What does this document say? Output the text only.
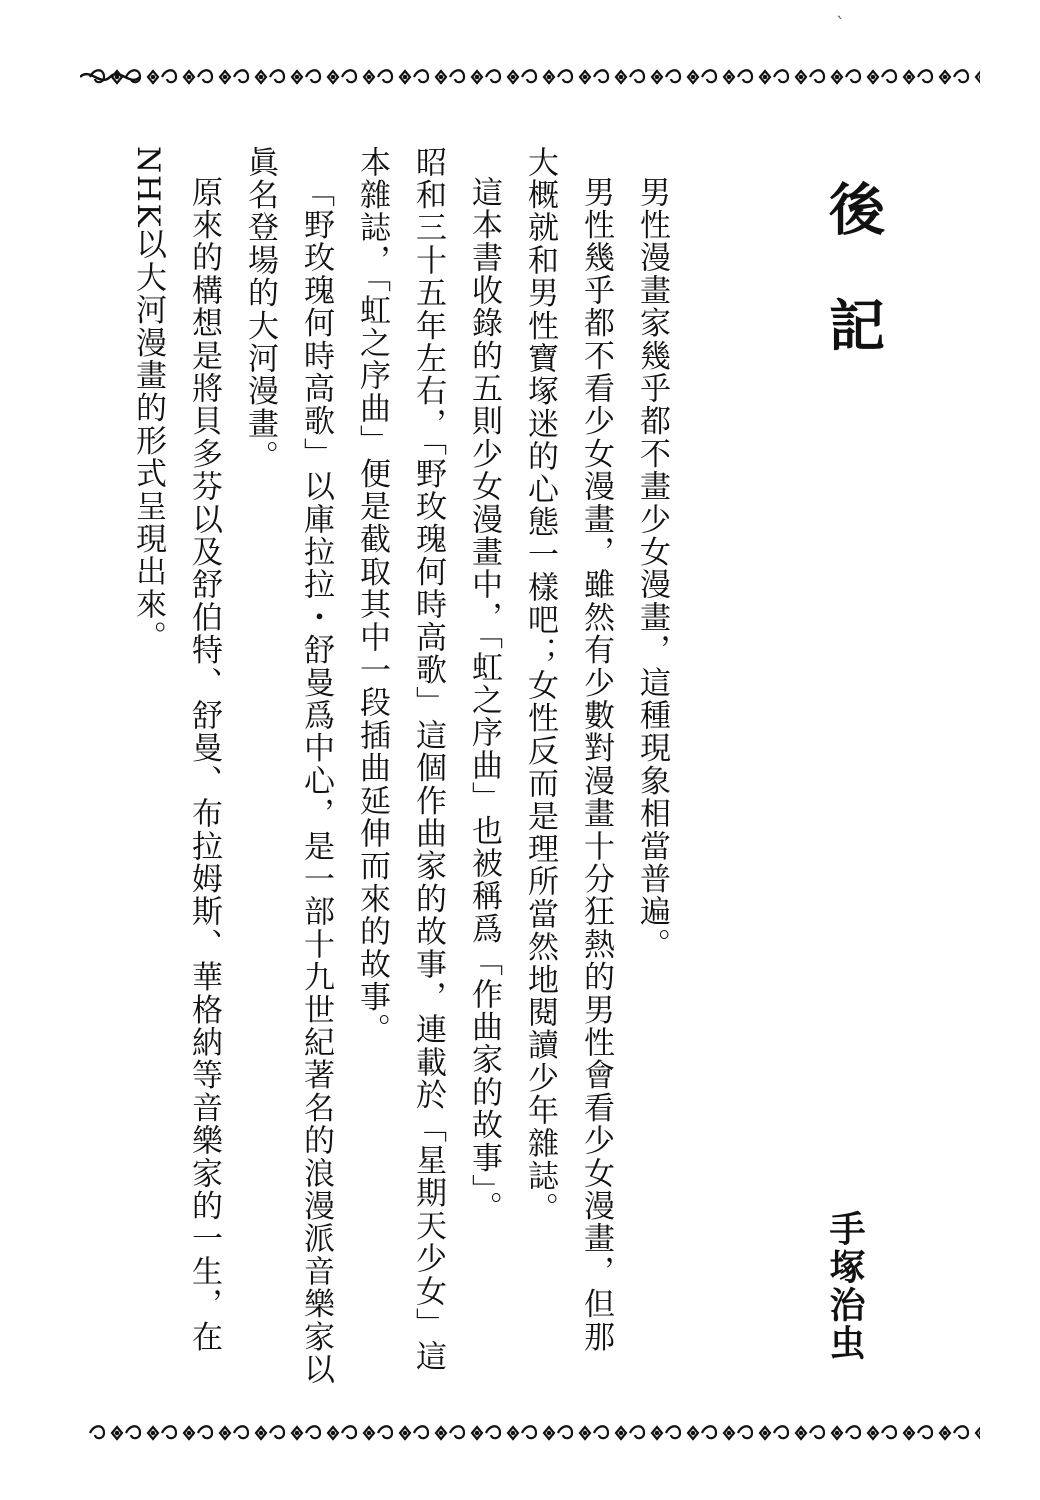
`
後記

男性漫畫家幾乎都不畫少女漫畫，這種現象相當普遍。

男性幾乎都不看少女漫畫，雖然有少數對漫畫十分狂熱的男性會看少女漫畫，但那

大概就和男性寶塚迷的心態一樣吧；女性反而是理所當然地閱讀少年雜誌。

這本書收錄的五則少女漫畫中，「虹之序曲」也被稱爲「作曲家的故事」。

昭和三十五年左右，「野玫瑰何時高歌」這個作曲家的故事，連載於「星期天少女」這

本雜誌，「虹之序曲」便是截取其中一段插曲延伸而來的故事。

「野玫瑰何時高歌」以庫拉拉・舒曼爲中心，是一部十九世紀著名的浪漫派音樂家以

眞名登場的大河漫畫。

原來的構想是將貝多芬以及舒伯特、舒曼、布拉姆斯、華格納等音樂家的一生，在

NHK以大河漫畫的形式呈現出來。

手塚治虫
